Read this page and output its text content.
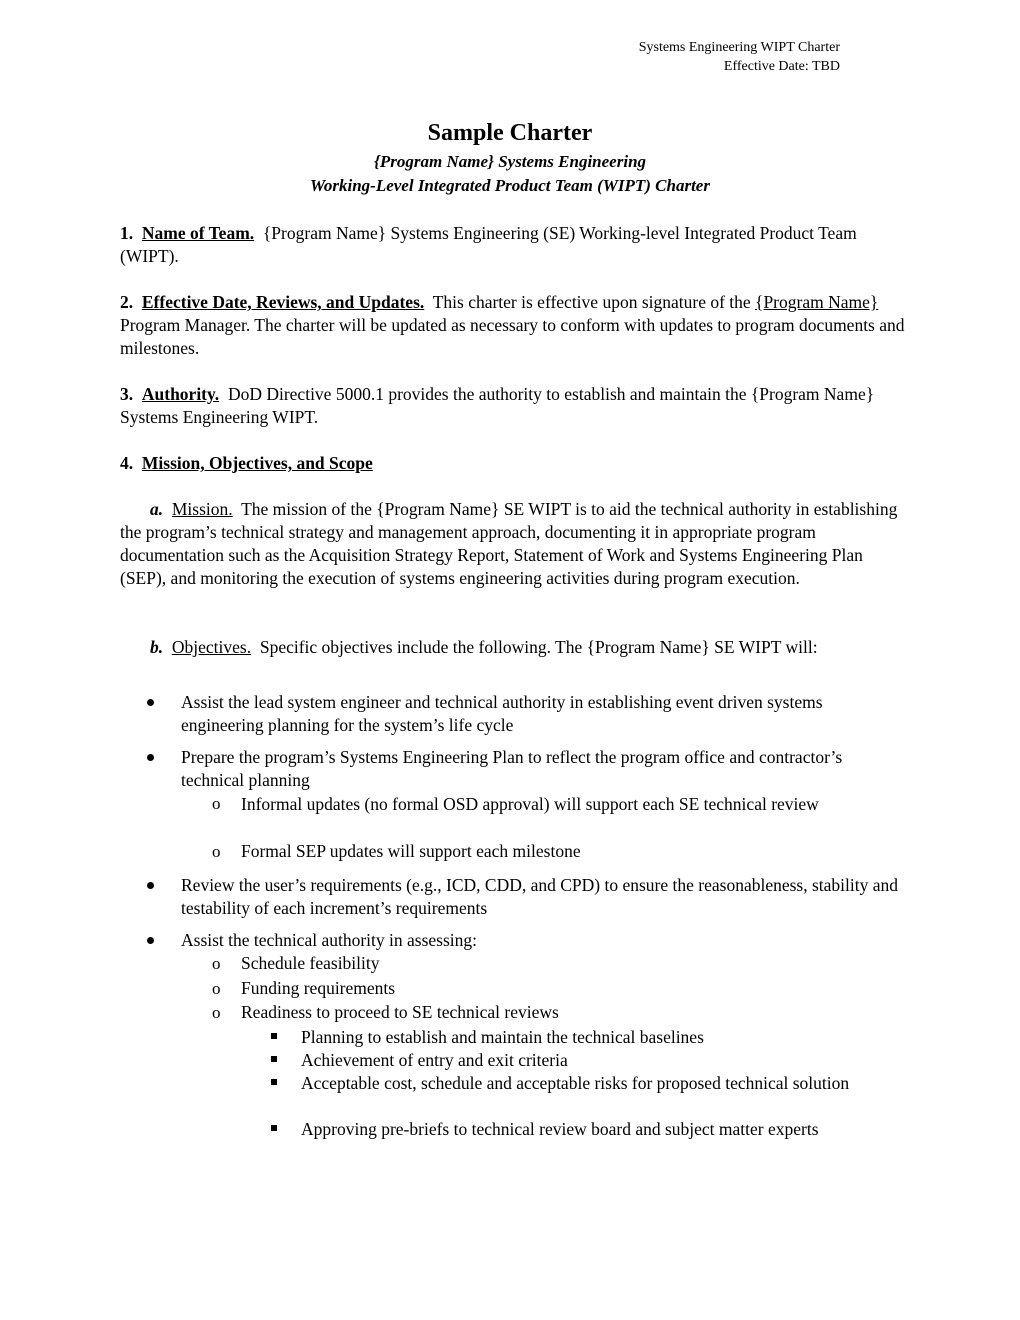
Systems Engineering WIPT Charter
Effective Date: TBD
Sample Charter
{Program Name} Systems Engineering
Working-Level Integrated Product Team (WIPT) Charter
1. Name of Team. {Program Name} Systems Engineering (SE) Working-level Integrated Product Team (WIPT).
2. Effective Date, Reviews, and Updates. This charter is effective upon signature of the {Program Name} Program Manager. The charter will be updated as necessary to conform with updates to program documents and milestones.
3. Authority. DoD Directive 5000.1 provides the authority to establish and maintain the {Program Name} Systems Engineering WIPT.
4. Mission, Objectives, and Scope
a. Mission. The mission of the {Program Name} SE WIPT is to aid the technical authority in establishing the program’s technical strategy and management approach, documenting it in appropriate program documentation such as the Acquisition Strategy Report, Statement of Work and Systems Engineering Plan (SEP), and monitoring the execution of systems engineering activities during program execution.
b. Objectives. Specific objectives include the following. The {Program Name} SE WIPT will:
Assist the lead system engineer and technical authority in establishing event driven systems engineering planning for the system’s life cycle
Prepare the program’s Systems Engineering Plan to reflect the program office and contractor’s technical planning
o Informal updates (no formal OSD approval) will support each SE technical review
o Formal SEP updates will support each milestone
Review the user’s requirements (e.g., ICD, CDD, and CPD) to ensure the reasonableness, stability and testability of each increment’s requirements
Assist the technical authority in assessing:
o Schedule feasibility
o Funding requirements
o Readiness to proceed to SE technical reviews
Planning to establish and maintain the technical baselines
Achievement of entry and exit criteria
Acceptable cost, schedule and acceptable risks for proposed technical solution
Approving pre-briefs to technical review board and subject matter experts
